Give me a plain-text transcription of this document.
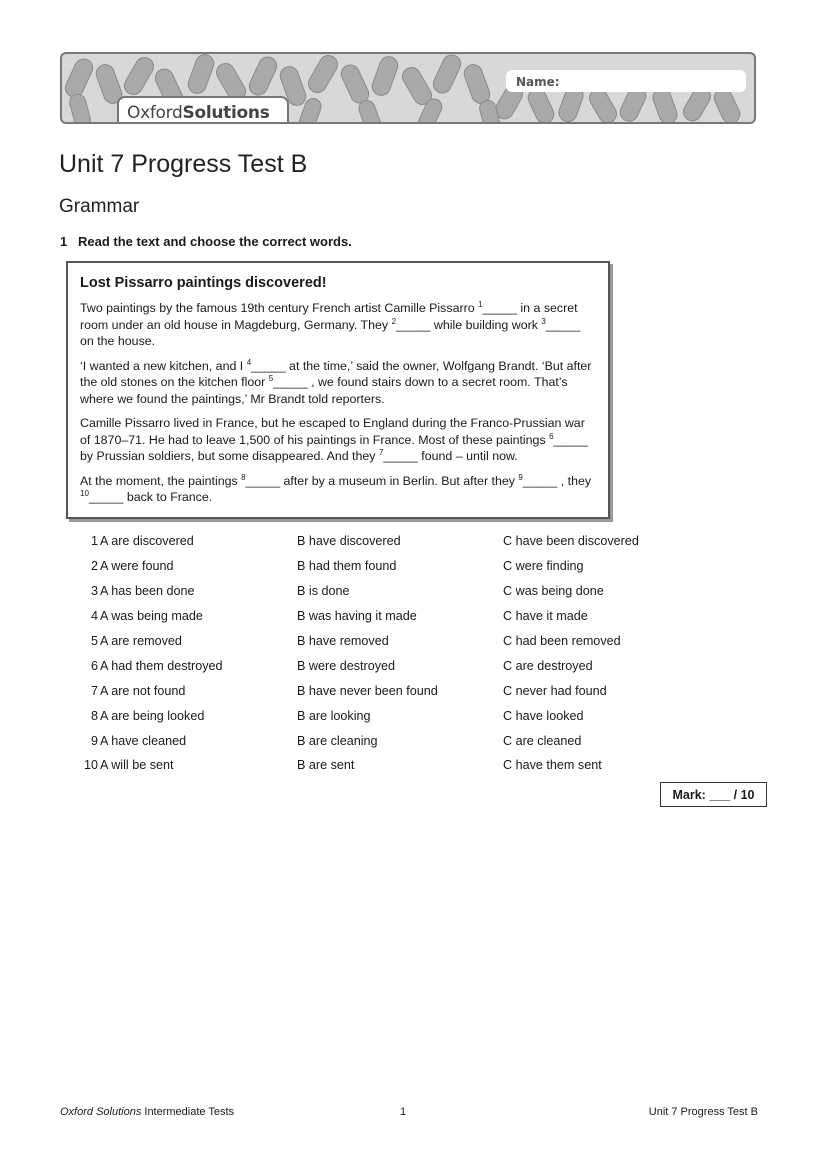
Name:
OxfordSolutions
Unit 7 Progress Test B
Grammar
1 Read the text and choose the correct words.
Lost Pissarro paintings discovered!

Two paintings by the famous 19th century French artist Camille Pissarro $^1$_____ in a secret room under an old house in Magdeburg, Germany. They $^2$_____ while building work $^3$_____ on the house.

‘I wanted a new kitchen, and I $^4$_____ at the time,’ said the owner, Wolfgang Brandt. ‘But after the old stones on the kitchen floor $^5$_____ , we found stairs down to a secret room. That’s where we found the paintings,’ Mr Brandt told reporters.

Camille Pissarro lived in France, but he escaped to England during the Franco-Prussian war of 1870–71. He had to leave 1,500 of his paintings in France. Most of these paintings $^6$_____ by Prussian soldiers, but some disappeared. And they $^7$_____ found – until now.

At the moment, the paintings $^8$_____ after by a museum in Berlin. But after they $^9$_____ , they $^{10}$_____ back to France.

1	A are discovered	B have discovered	C have been discovered
2	A were found	B had them found	C were finding
3	A has been done	B is done	C was being done
4	A was being made	B was having it made	C have it made
5	A are removed	B have removed	C had been removed
6	A had them destroyed	B were destroyed	C are destroyed
7	A are not found	B have never been found	C never had found
8	A are being looked	B are looking	C have looked
9	A have cleaned	B are cleaning	C are cleaned
10	A will be sent	B are sent	C have them sent
Mark: ___ / 10
Oxford Solutions Intermediate Tests	1	Unit 7 Progress Test B
